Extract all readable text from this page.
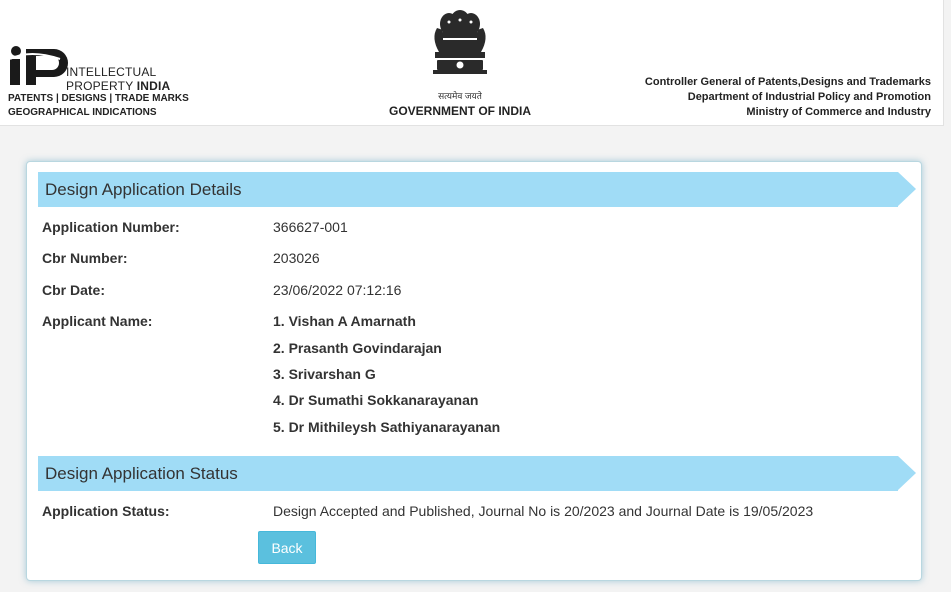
INTELLECTUAL
PROPERTY INDIA
PATENTS | DESIGNS | TRADE MARKS
GEOGRAPHICAL INDICATIONS
सत्यमेव जयते
GOVERNMENT OF INDIA
Controller General of Patents,Designs and Trademarks
Department of Industrial Policy and Promotion
Ministry of Commerce and Industry
Design Application Details
Application Number:	366627-001
Cbr Number:	203026
Cbr Date:	23/06/2022 07:12:16
Applicant Name:	1. Vishan A Amarnath
2. Prasanth Govindarajan
3. Srivarshan G
4. Dr Sumathi Sokkanarayanan
5. Dr Mithileysh Sathiyanarayanan
Design Application Status
Application Status:	Design Accepted and Published, Journal No is 20/2023 and Journal Date is 19/05/2023
Back
